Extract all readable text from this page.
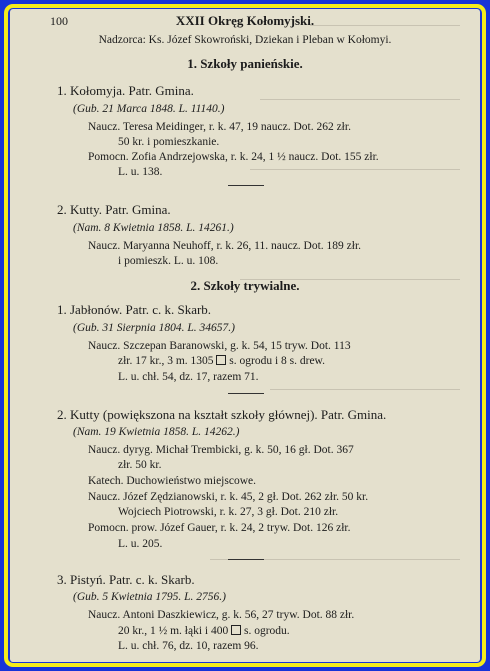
100	XXII Okręg Kołomyjski.
Nadzorca: Ks. Józef Skowroński, Dziekan i Pleban w Kołomyi.
1. Szkoły panieńskie.
1. Kołomyja. Patr. Gmina.
(Gub. 21 Marca 1848. L. 11140.)
Naucz. Teresa Meidinger, r. k. 47, 19 naucz. Dot. 262 złr.
50 kr. i pomieszkanie.
Pomocn. Zofia Andrzejowska, r. k. 24, 1 ½ naucz. Dot. 155 złr.
L. u. 138.
2. Kutty. Patr. Gmina.
(Nam. 8 Kwietnia 1858. L. 14261.)
Naucz. Maryanna Neuhoff, r. k. 26, 11. naucz. Dot. 189 złr.
i pomieszk. L. u. 108.
2. Szkoły trywialne.
1. Jabłonów. Patr. c. k. Skarb.
(Gub. 31 Sierpnia 1804. L. 34657.)
Naucz. Szczepan Baranowski, g. k. 54, 15 tryw. Dot. 113
złr. 17 kr., 3 m. 1305 s. ogrodu i 8 s. drew.
L. u. chł. 54, dz. 17, razem 71.
2. Kutty (powiększona na kształt szkoły głównej). Patr. Gmina.
(Nam. 19 Kwietnia 1858. L. 14262.)
Naucz. dyryg. Michał Trembicki, g. k. 50, 16 gł. Dot. 367
złr. 50 kr.
Katech. Duchowieństwo miejscowe.
Naucz. Józef Zędzianowski, r. k. 45, 2 gł. Dot. 262 złr. 50 kr.
Wojciech Piotrowski, r. k. 27, 3 gł. Dot. 210 złr.
Pomocn. prow. Józef Gauer, r. k. 24, 2 tryw. Dot. 126 złr.
L. u. 205.
3. Pistyń. Patr. c. k. Skarb.
(Gub. 5 Kwietnia 1795. L. 2756.)
Naucz. Antoni Daszkiewicz, g. k. 56, 27 tryw. Dot. 88 złr.
20 kr., 1 ½ m. łąki i 400 s. ogrodu.
L. u. chł. 76, dz. 10, razem 96.
